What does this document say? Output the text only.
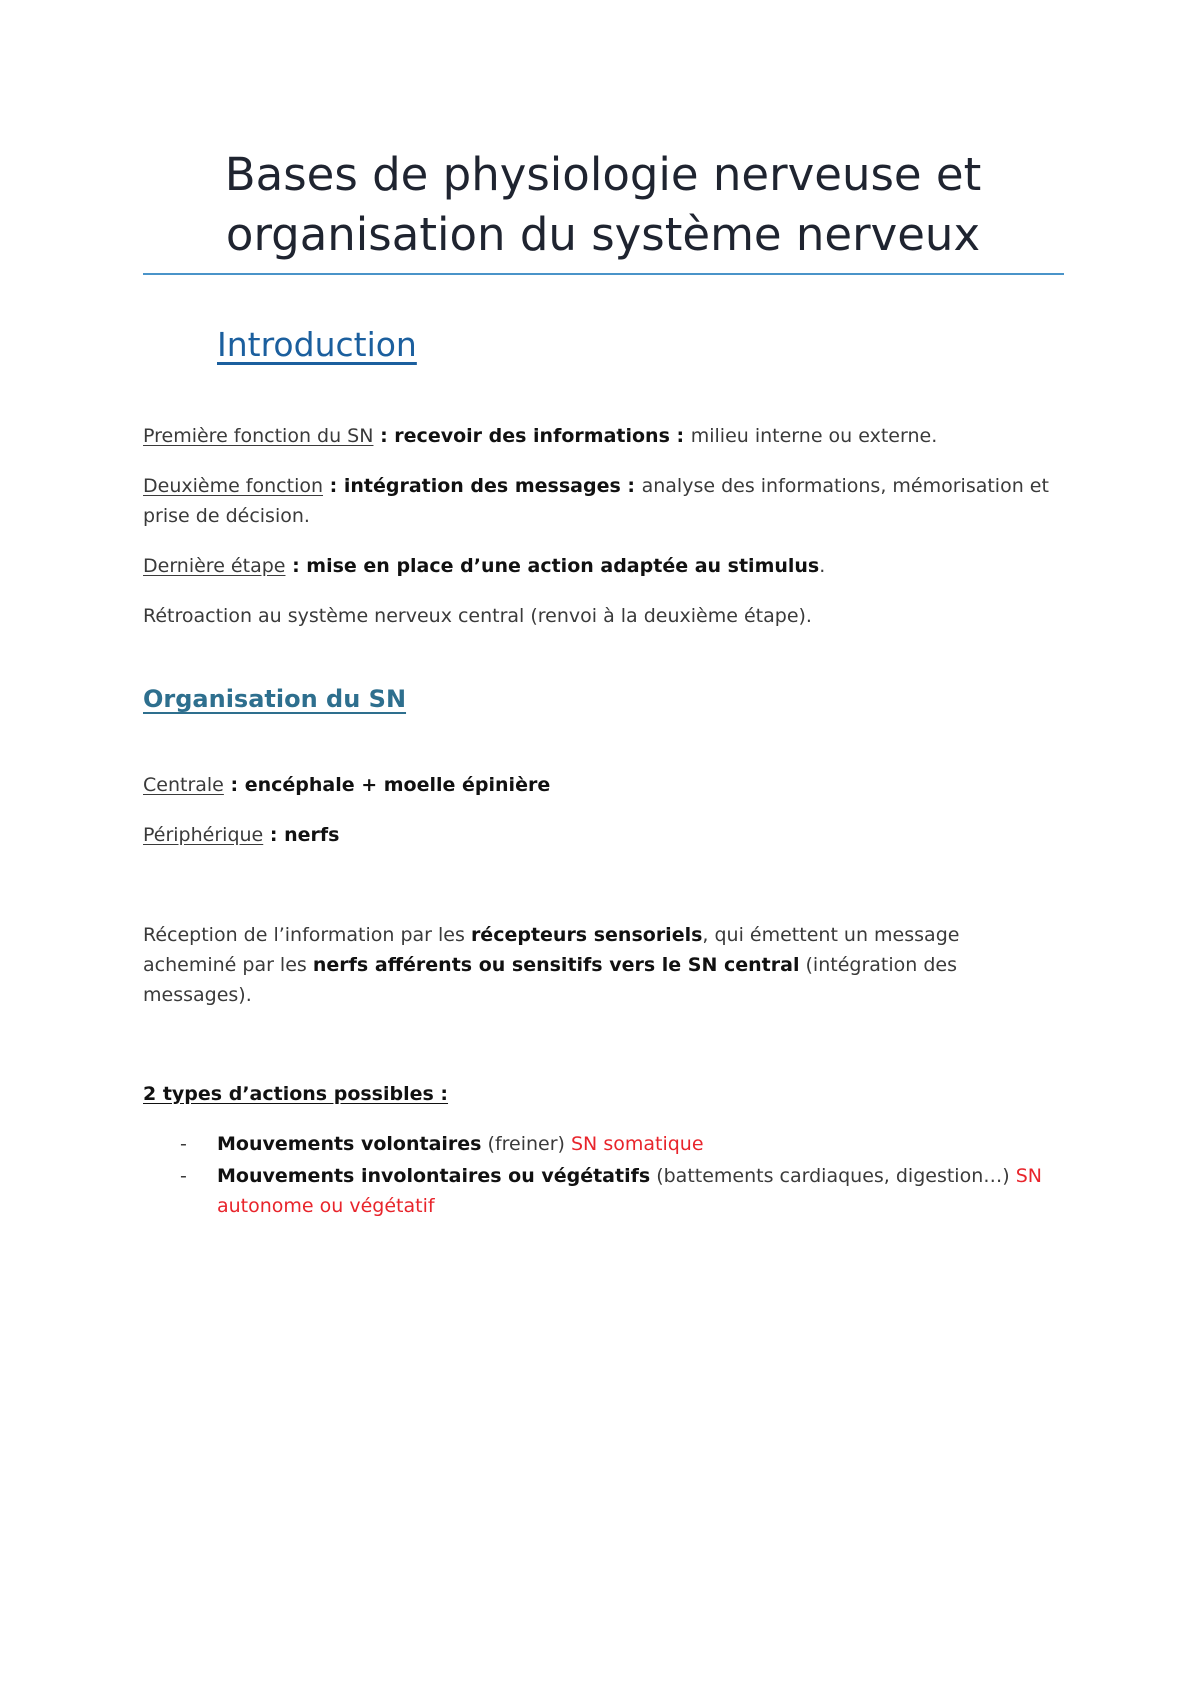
Bases de physiologie nerveuse et
organisation du système nerveux
Introduction
Première fonction du SN : recevoir des informations : milieu interne ou externe.
Deuxième fonction : intégration des messages : analyse des informations, mémorisation et
prise de décision.
Dernière étape : mise en place d’une action adaptée au stimulus.
Rétroaction au système nerveux central (renvoi à la deuxième étape).
Organisation du SN
Centrale : encéphale + moelle épinière
Périphérique : nerfs
Réception de l’information par les récepteurs sensoriels, qui émettent un message
acheminé par les nerfs afférents ou sensitifs vers le SN central (intégration des
messages).
2 types d’actions possibles :
- Mouvements volontaires (freiner) SN somatique
- Mouvements involontaires ou végétatifs (battements cardiaques, digestion…) SN
autonome ou végétatif
